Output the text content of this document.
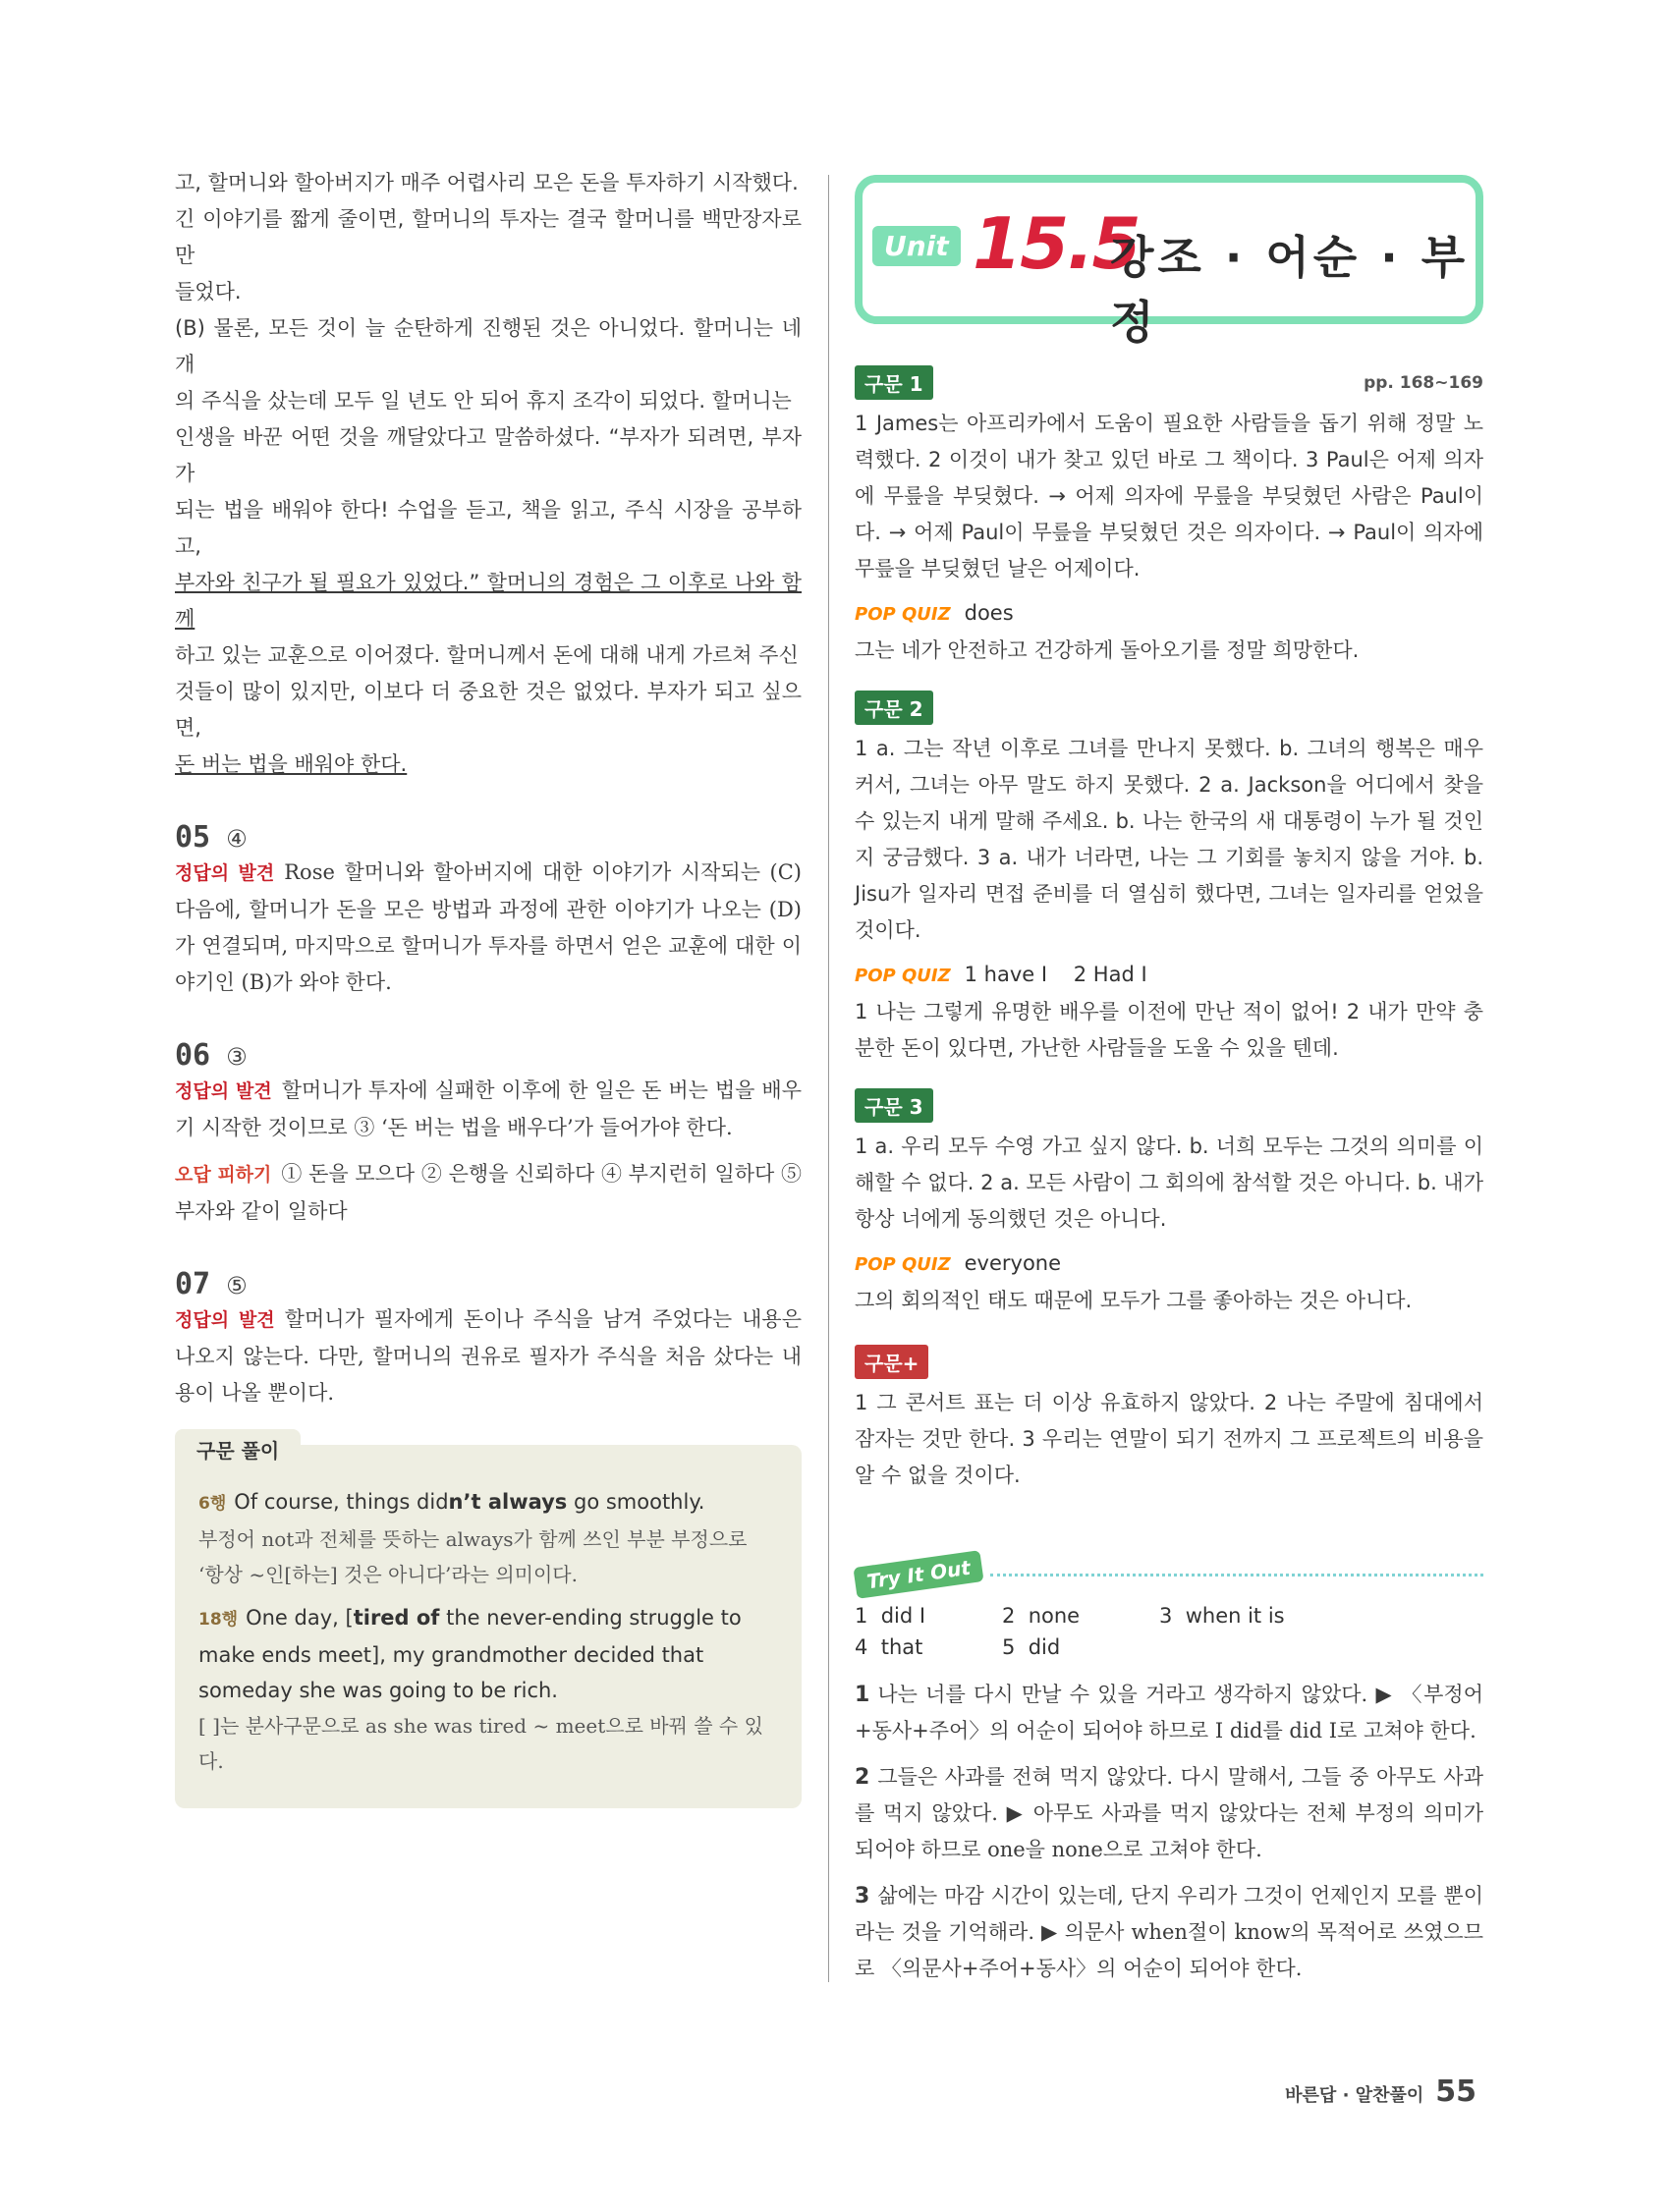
고, 할머니와 할아버지가 매주 어렵사리 모은 돈을 투자하기 시작했다.
긴 이야기를 짧게 줄이면, 할머니의 투자는 결국 할머니를 백만장자로 만
들었다.
(B) 물론, 모든 것이 늘 순탄하게 진행된 것은 아니었다. 할머니는 네 개
의 주식을 샀는데 모두 일 년도 안 되어 휴지 조각이 되었다. 할머니는
인생을 바꾼 어떤 것을 깨달았다고 말씀하셨다. “부자가 되려면, 부자가
되는 법을 배워야 한다! 수업을 듣고, 책을 읽고, 주식 시장을 공부하고,
부자와 친구가 될 필요가 있었다.” 할머니의 경험은 그 이후로 나와 함께
하고 있는 교훈으로 이어졌다. 할머니께서 돈에 대해 내게 가르쳐 주신
것들이 많이 있지만, 이보다 더 중요한 것은 없었다. 부자가 되고 싶으면,
돈 버는 법을 배워야 한다.
05 ④
정답의 발견 Rose 할머니와 할아버지에 대한 이야기가 시작되는 (C) 다음에, 할머니가 돈을 모은 방법과 과정에 관한 이야기가 나오는 (D)가 연결되며, 마지막으로 할머니가 투자를 하면서 얻은 교훈에 대한 이야기인 (B)가 와야 한다.
06 ③
정답의 발견 할머니가 투자에 실패한 이후에 한 일은 돈 버는 법을 배우기 시작한 것이므로 ③ ‘돈 버는 법을 배우다’가 들어가야 한다.
오답 피하기 ① 돈을 모으다 ② 은행을 신뢰하다 ④ 부지런히 일하다 ⑤ 부자와 같이 일하다
07 ⑤
정답의 발견 할머니가 필자에게 돈이나 주식을 남겨 주었다는 내용은 나오지 않는다. 다만, 할머니의 권유로 필자가 주식을 처음 샀다는 내용이 나올 뿐이다.
구문 풀이
6행 Of course, things didn’t always go smoothly.
부정어 not과 전체를 뜻하는 always가 함께 쓰인 부분 부정으로 ‘항상 ~인[하는] 것은 아니다’라는 의미이다.
18행 One day, [tired of the never-ending struggle to make ends meet], my grandmother decided that someday she was going to be rich.
[ ]는 분사구문으로 as she was tired ~ meet으로 바꿔 쓸 수 있다.
Unit 15.5
강조 · 어순 · 부정
구문 1	pp. 168~169
1 James는 아프리카에서 도움이 필요한 사람들을 돕기 위해 정말 노력했다. 2 이것이 내가 찾고 있던 바로 그 책이다. 3 Paul은 어제 의자에 무릎을 부딪혔다. → 어제 의자에 무릎을 부딪혔던 사람은 Paul이다. → 어제 Paul이 무릎을 부딪혔던 것은 의자이다. → Paul이 의자에 무릎을 부딪혔던 날은 어제이다.
POP QUIZ does
그는 네가 안전하고 건강하게 돌아오기를 정말 희망한다.
구문 2
1 a. 그는 작년 이후로 그녀를 만나지 못했다. b. 그녀의 행복은 매우 커서, 그녀는 아무 말도 하지 못했다. 2 a. Jackson을 어디에서 찾을 수 있는지 내게 말해 주세요. b. 나는 한국의 새 대통령이 누가 될 것인지 궁금했다. 3 a. 내가 너라면, 나는 그 기회를 놓치지 않을 거야. b. Jisu가 일자리 면접 준비를 더 열심히 했다면, 그녀는 일자리를 얻었을 것이다.
POP QUIZ 1 have I    2 Had I
1 나는 그렇게 유명한 배우를 이전에 만난 적이 없어! 2 내가 만약 충분한 돈이 있다면, 가난한 사람들을 도울 수 있을 텐데.
구문 3
1 a. 우리 모두 수영 가고 싶지 않다. b. 너희 모두는 그것의 의미를 이해할 수 없다. 2 a. 모든 사람이 그 회의에 참석할 것은 아니다. b. 내가 항상 너에게 동의했던 것은 아니다.
POP QUIZ everyone
그의 회의적인 태도 때문에 모두가 그를 좋아하는 것은 아니다.
구문+
1 그 콘서트 표는 더 이상 유효하지 않았다. 2 나는 주말에 침대에서 잠자는 것만 한다. 3 우리는 연말이 되기 전까지 그 프로젝트의 비용을 알 수 없을 것이다.
Try It Out
1  did I	2  none	3  when it is
4  that	5  did
1 나는 너를 다시 만날 수 있을 거라고 생각하지 않았다. ▶ 〈부정어+동사+주어〉의 어순이 되어야 하므로 I did를 did I로 고쳐야 한다.
2 그들은 사과를 전혀 먹지 않았다. 다시 말해서, 그들 중 아무도 사과를 먹지 않았다. ▶ 아무도 사과를 먹지 않았다는 전체 부정의 의미가 되어야 하므로 one을 none으로 고쳐야 한다.
3 삶에는 마감 시간이 있는데, 단지 우리가 그것이 언제인지 모를 뿐이라는 것을 기억해라. ▶ 의문사 when절이 know의 목적어로 쓰였으므로 〈의문사+주어+동사〉의 어순이 되어야 한다.
바른답 · 알찬풀이 55
